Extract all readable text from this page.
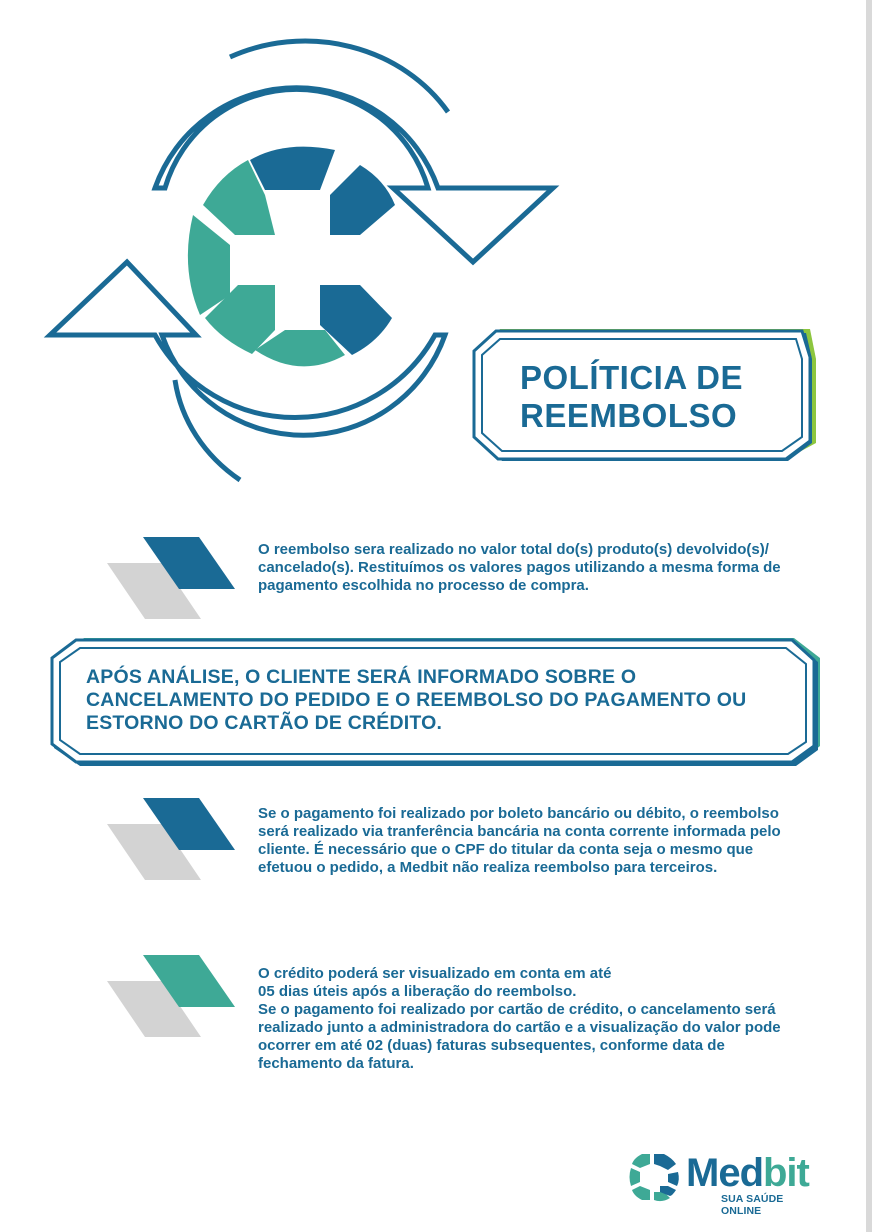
POLÍTICIA DE
REEMBOLSO

O reembolso sera realizado no valor total do(s) produto(s) devolvido(s)/ cancelado(s). Restituímos os valores pagos utilizando a mesma forma de pagamento escolhida no processo de compra.

APÓS ANÁLISE, O CLIENTE SERÁ INFORMADO SOBRE O CANCELAMENTO DO PEDIDO E O REEMBOLSO DO PAGAMENTO OU ESTORNO DO CARTÃO DE CRÉDITO.

Se o pagamento foi realizado por boleto bancário ou débito, o reembolso será realizado via tranferência bancária na conta corrente informada pelo cliente. É necessário que o CPF do titular da conta seja o mesmo que efetuou o pedido, a Medbit não realiza reembolso para terceiros.

O crédito poderá ser visualizado em conta em até

05 dias úteis após a liberação do reembolso.

Se o pagamento foi realizado por cartão de crédito, o cancelamento será realizado junto a administradora do cartão e a visualização do valor pode ocorrer em até 02 (duas) faturas subsequentes, conforme data de fechamento da fatura.

Medbit
SUA SAÚDE ONLINE
